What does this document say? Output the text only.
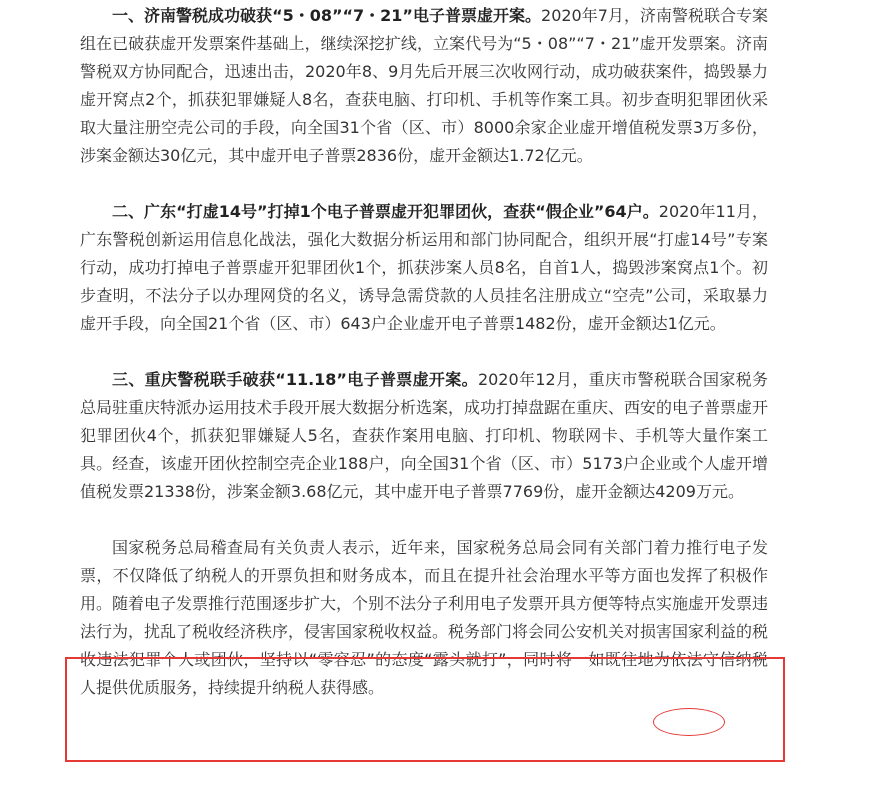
一、济南警税成功破获“5・08”“7・21”电子普票虚开案。2020年7月，济南警税联合专案组在已破获虚开发票案件基础上，继续深挖扩线，立案代号为“5・08”“7・21”虚开发票案。济南警税双方协同配合，迅速出击，2020年8、9月先后开展三次收网行动，成功破获案件，捣毁暴力虚开窝点2个，抓获犯罪嫌疑人8名，查获电脑、打印机、手机等作案工具。初步查明犯罪团伙采取大量注册空壳公司的手段，向全国31个省（区、市）8000余家企业虚开增值税发票3万多份，涉案金额达30亿元，其中虚开电子普票2836份，虚开金额达1.72亿元。

二、广东“打虚14号”打掉1个电子普票虚开犯罪团伙，查获“假企业”64户。2020年11月，广东警税创新运用信息化战法，强化大数据分析运用和部门协同配合，组织开展“打虚14号”专案行动，成功打掉电子普票虚开犯罪团伙1个，抓获涉案人员8名，自首1人，捣毁涉案窝点1个。初步查明，不法分子以办理网贷的名义，诱导急需贷款的人员挂名注册成立“空壳”公司，采取暴力虚开手段，向全国21个省（区、市）643户企业虚开电子普票1482份，虚开金额达1亿元。

三、重庆警税联手破获“11.18”电子普票虚开案。2020年12月，重庆市警税联合国家税务总局驻重庆特派办运用技术手段开展大数据分析选案，成功打掉盘踞在重庆、西安的电子普票虚开犯罪团伙4个，抓获犯罪嫌疑人5名，查获作案用电脑、打印机、物联网卡、手机等大量作案工具。经查，该虚开团伙控制空壳企业188户，向全国31个省（区、市）5173户企业或个人虚开增值税发票21338份，涉案金额3.68亿元，其中虚开电子普票7769份，虚开金额达4209万元。

国家税务总局稽查局有关负责人表示，近年来，国家税务总局会同有关部门着力推行电子发票，不仅降低了纳税人的开票负担和财务成本，而且在提升社会治理水平等方面也发挥了积极作用。随着电子发票推行范围逐步扩大，个别不法分子利用电子发票开具方便等特点实施虚开发票违法行为，扰乱了税收经济秩序，侵害国家税收权益。税务部门将会同公安机关对损害国家利益的税收违法犯罪个人或团伙，坚持以“零容忍”的态度“露头就打”，同时将一如既往地为依法守信纳税人提供优质服务，持续提升纳税人获得感。
